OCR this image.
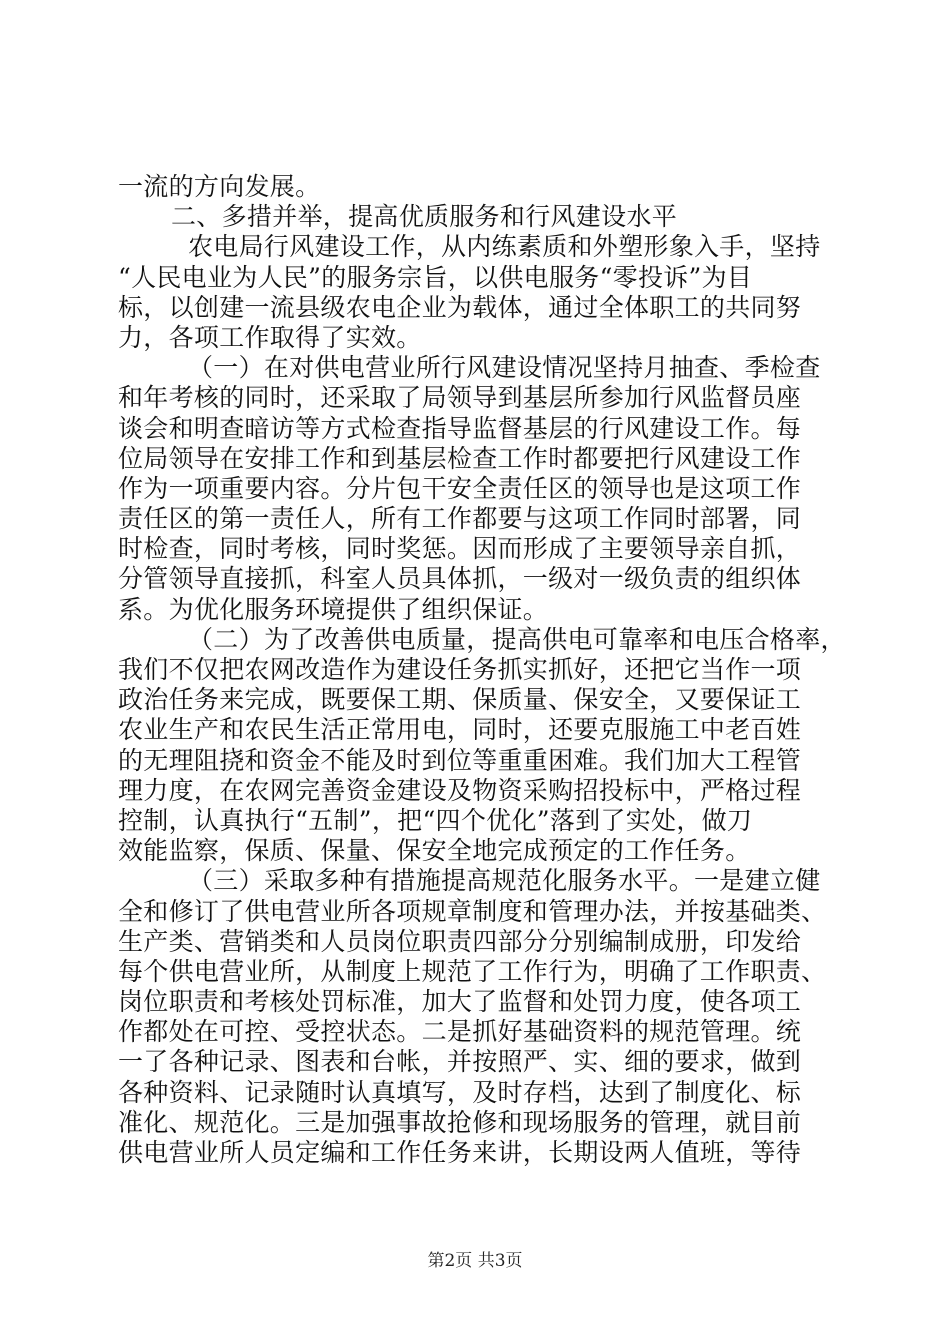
一流的方向发展。
二、多措并举，提高优质服务和行风建设水平
农电局行风建设工作，从内练素质和外塑形象入手，坚持
“人民电业为人民”的服务宗旨，以供电服务“零投诉”为目
标，以创建一流县级农电企业为载体，通过全体职工的共同努
力，各项工作取得了实效。
（一）在对供电营业所行风建设情况坚持月抽查、季检查
和年考核的同时，还采取了局领导到基层所参加行风监督员座
谈会和明查暗访等方式检查指导监督基层的行风建设工作。每
位局领导在安排工作和到基层检查工作时都要把行风建设工作
作为一项重要内容。分片包干安全责任区的领导也是这项工作
责任区的第一责任人，所有工作都要与这项工作同时部署，同
时检查，同时考核，同时奖惩。因而形成了主要领导亲自抓，
分管领导直接抓，科室人员具体抓，一级对一级负责的组织体
系。为优化服务环境提供了组织保证。
（二）为了改善供电质量，提高供电可靠率和电压合格率，
我们不仅把农网改造作为建设任务抓实抓好，还把它当作一项
政治任务来完成，既要保工期、保质量、保安全，又要保证工
农业生产和农民生活正常用电，同时，还要克服施工中老百姓
的无理阻挠和资金不能及时到位等重重困难。我们加大工程管
理力度，在农网完善资金建设及物资采购招投标中，严格过程
控制，认真执行“五制”，把“四个优化”落到了实处，做刀
效能监察，保质、保量、保安全地完成预定的工作任务。
（三）采取多种有措施提高规范化服务水平。一是建立健
全和修订了供电营业所各项规章制度和管理办法，并按基础类、
生产类、营销类和人员岗位职责四部分分别编制成册，印发给
每个供电营业所，从制度上规范了工作行为，明确了工作职责、
岗位职责和考核处罚标准，加大了监督和处罚力度，使各项工
作都处在可控、受控状态。二是抓好基础资料的规范管理。统
一了各种记录、图表和台帐，并按照严、实、细的要求，做到
各种资料、记录随时认真填写，及时存档，达到了制度化、标
准化、规范化。三是加强事故抢修和现场服务的管理，就目前
供电营业所人员定编和工作任务来讲，长期设两人值班，等待
第2页 共3页
